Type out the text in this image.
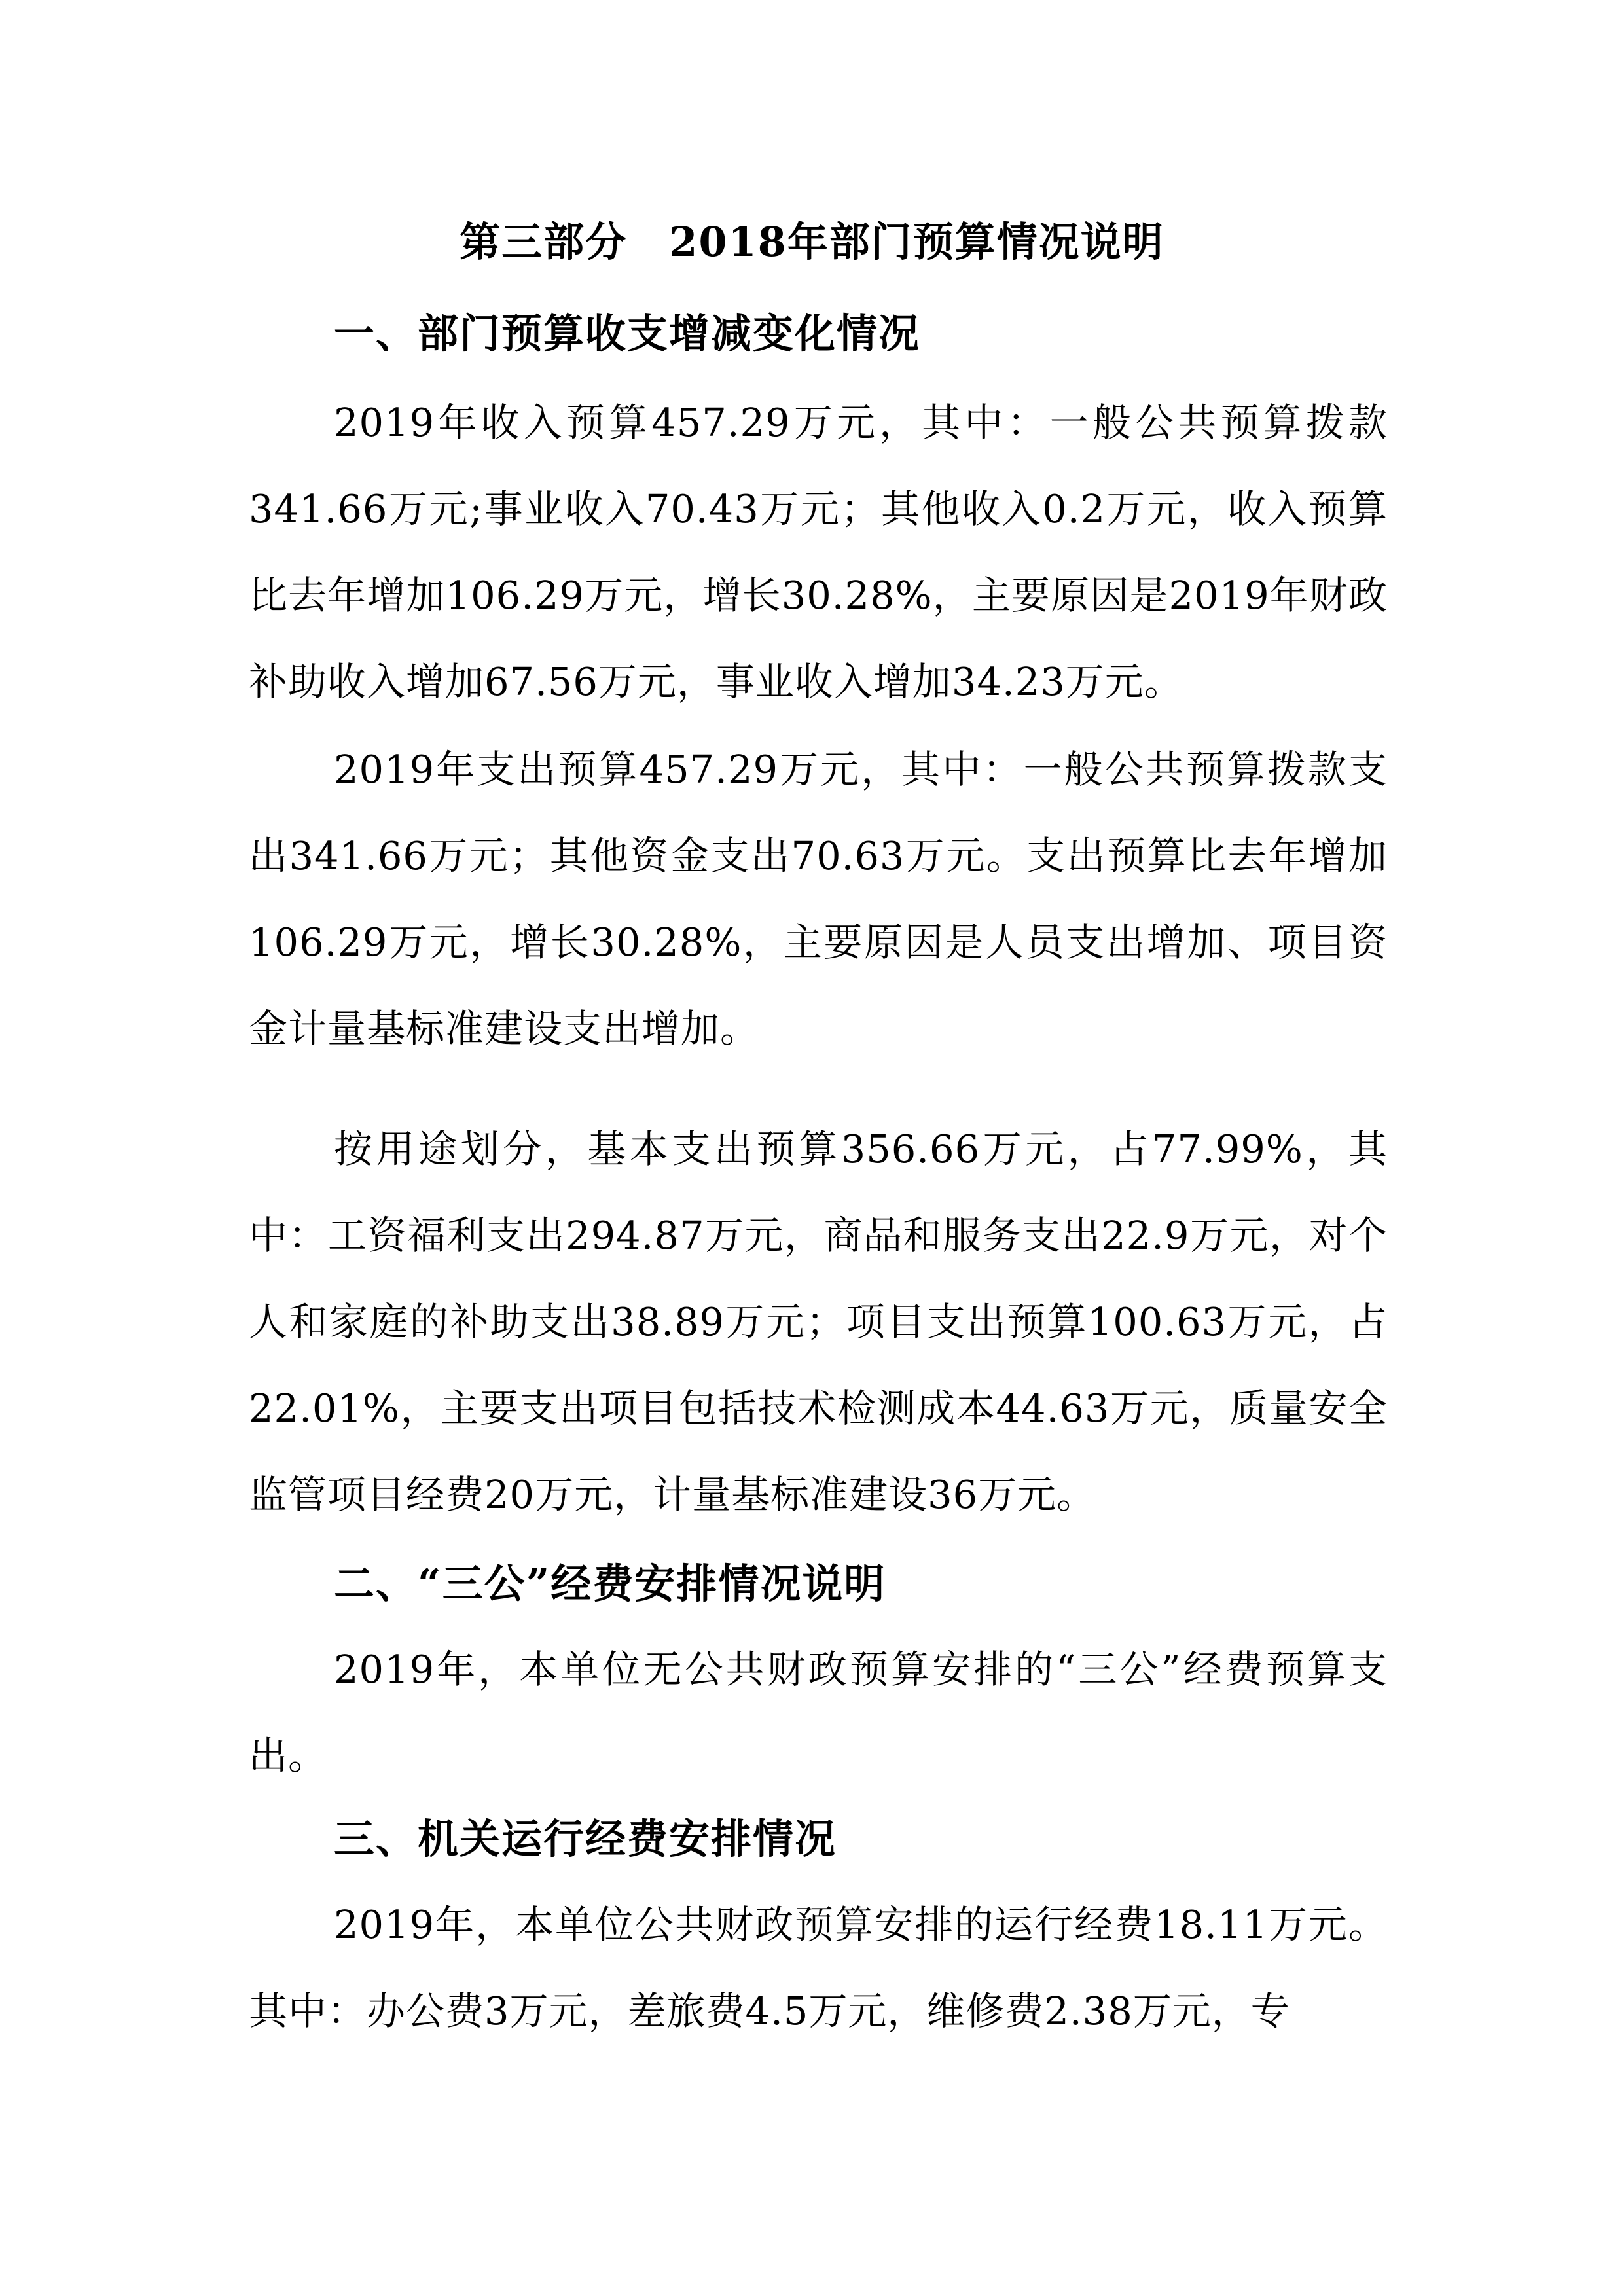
第三部分　2018年部门预算情况说明
一、部门预算收支增减变化情况

2019年收入预算457.29万元，其中：一般公共预算拨款341.66万元;事业收入70.43万元；其他收入0.2万元，收入预算比去年增加106.29万元，增长30.28%，主要原因是2019年财政补助收入增加67.56万元，事业收入增加34.23万元。

2019年支出预算457.29万元，其中：一般公共预算拨款支出341.66万元；其他资金支出70.63万元。支出预算比去年增加106.29万元，增长30.28%，主要原因是人员支出增加、项目资金计量基标准建设支出增加。

按用途划分，基本支出预算356.66万元，占77.99%，其中：工资福利支出294.87万元，商品和服务支出22.9万元，对个人和家庭的补助支出38.89万元；项目支出预算100.63万元，占22.01%，主要支出项目包括技术检测成本44.63万元，质量安全监管项目经费20万元，计量基标准建设36万元。

二、“三公”经费安排情况说明

2019年，本单位无公共财政预算安排的“三公”经费预算支出。

三、机关运行经费安排情况

2019年，本单位公共财政预算安排的运行经费18.11万元。其中：办公费3万元，差旅费4.5万元，维修费2.38万元，专
